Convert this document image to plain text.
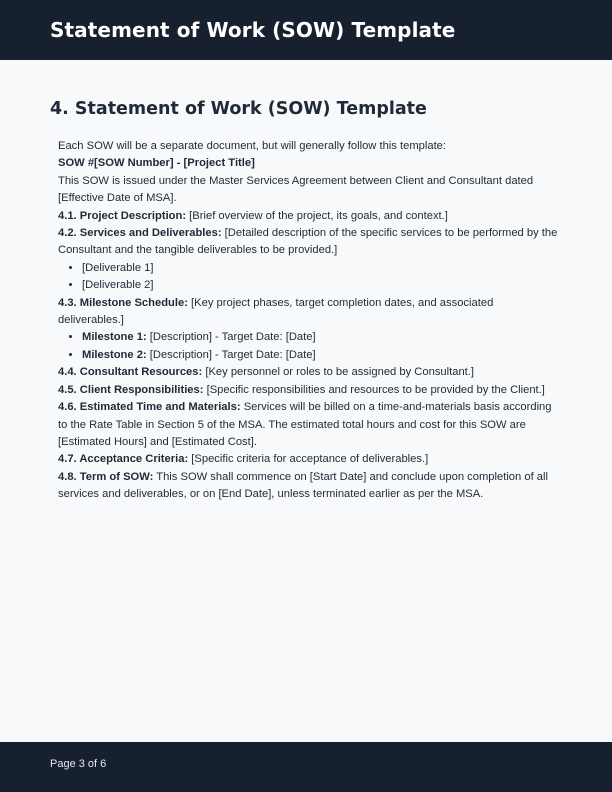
Statement of Work (SOW) Template
4. Statement of Work (SOW) Template

Each SOW will be a separate document, but will generally follow this template:

SOW #[SOW Number] - [Project Title]

This SOW is issued under the Master Services Agreement between Client and Consultant dated [Effective Date of MSA].

4.1. Project Description: [Brief overview of the project, its goals, and context.]

4.2. Services and Deliverables: [Detailed description of the specific services to be performed by the Consultant and the tangible deliverables to be provided.]

• [Deliverable 1]
• [Deliverable 2]

4.3. Milestone Schedule: [Key project phases, target completion dates, and associated deliverables.]

• Milestone 1: [Description] - Target Date: [Date]
• Milestone 2: [Description] - Target Date: [Date]

4.4. Consultant Resources: [Key personnel or roles to be assigned by Consultant.]

4.5. Client Responsibilities: [Specific responsibilities and resources to be provided by the Client.]

4.6. Estimated Time and Materials: Services will be billed on a time-and-materials basis according to the Rate Table in Section 5 of the MSA. The estimated total hours and cost for this SOW are [Estimated Hours] and [Estimated Cost].

4.7. Acceptance Criteria: [Specific criteria for acceptance of deliverables.]

4.8. Term of SOW: This SOW shall commence on [Start Date] and conclude upon completion of all services and deliverables, or on [End Date], unless terminated earlier as per the MSA.

Page 3 of 6
